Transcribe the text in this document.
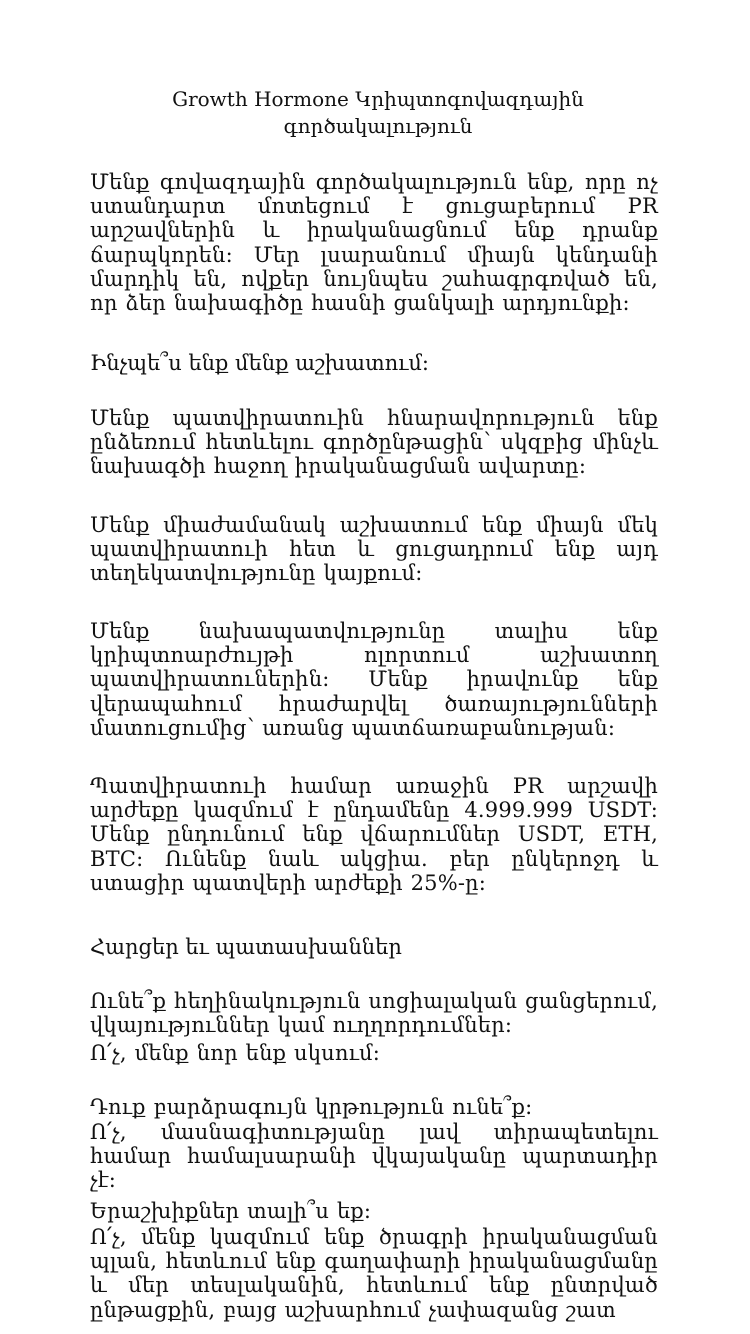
Growth Hormone Կրիպտոգովազդային գործակալություն

Մենք գովազդային գործակալություն ենք, որը ոչ ստանդարտ մոտեցում է ցուցաբերում PR արշավներին և իրականացնում ենք դրանք ճարպկորեն: Մեր լսարանում միայն կենդանի մարդիկ են, ովքեր նույնպես շահագրգռված են, որ ձեր նախագիծը հասնի ցանկալի արդյունքի:

Ինչպե՞ս ենք մենք աշխատում:

Մենք պատվիրատուին հնարավորություն ենք ընձեռում հետևելու գործընթացին՝ սկզբից մինչև նախագծի հաջող իրականացման ավարտը:

Մենք միաժամանակ աշխատում ենք միայն մեկ պատվիրատուի հետ և ցուցադրում ենք այդ տեղեկատվությունը կայքում:

Մենք նախապատվությունը տալիս ենք կրիպտոարժույթի ոլորտում աշխատող պատվիրատուներին: Մենք իրավունք ենք վերապահում հրաժարվել ծառայությունների մատուցումից՝ առանց պատճառաբանության:

Պատվիրատուի համար առաջին PR արշավի արժեքը կազմում է ընդամենը 4.999.999 USDT: Մենք ընդունում ենք վճարումներ USDT, ETH, BTC: Ունենք նաև ակցիա. բեր ընկերոջդ և ստացիր պատվերի արժեքի 25%-ը:

Հարցեր եւ պատասխաններ

Ունե՞ք հեղինակություն սոցիալական ցանցերում, վկայություններ կամ ուղղորդումներ:

Ո՛չ, մենք նոր ենք սկսում:

Դուք բարձրագույն կրթություն ունե՞ք:

Ո՛չ, մասնագիտությանը լավ տիրապետելու համար համալսարանի վկայականը պարտադիր չէ:

Երաշխիքներ տալի՞ս եք:

Ո՛չ, մենք կազմում ենք ծրագրի իրականացման պլան, հետևում ենք գաղափարի իրականացմանը և մեր տեսլականին, հետևում ենք ընտրված ընթացքին, բայց աշխարհում չափազանց շատ
